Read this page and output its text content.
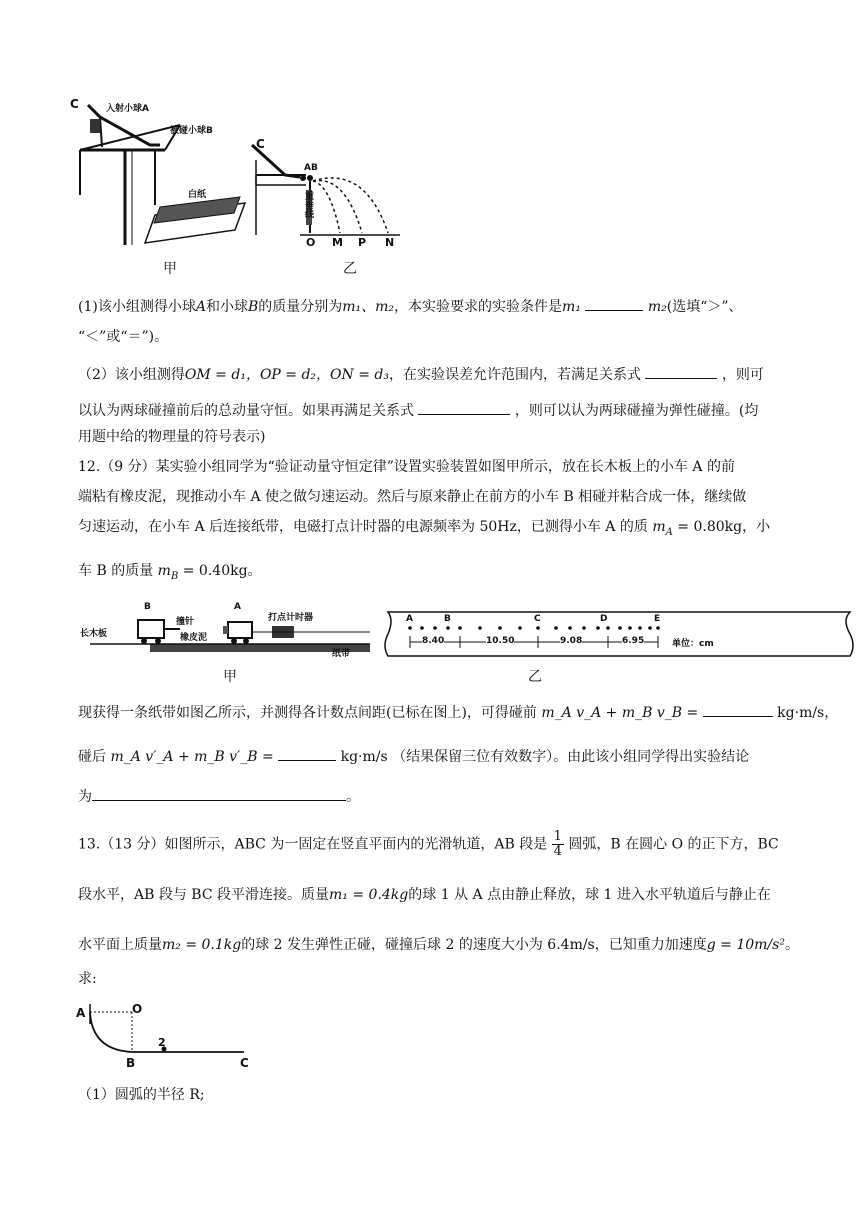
C	入射小球A
被碰小球B
白纸
复写纸
C
AB
重垂线
O M P N
甲	乙
(1)该小组测得小球A和小球B的质量分别为m₁、m₂，本实验要求的实验条件是m₁	m₂(选填“＞”、
“＜”或“＝”)。
（2）该小组测得OM = d₁，OP = d₂，ON = d₃，在实验误差允许范围内，若满足关系式	，则可
以认为两球碰撞前后的总动量守恒。如果再满足关系式	，则可以认为两球碰撞为弹性碰撞。(均
用题中给的物理量的符号表示)
12.（9 分）某实验小组同学为“验证动量守恒定律”设置实验装置如图甲所示，放在长木板上的小车 A 的前
端粘有橡皮泥，现推动小车 A 使之做匀速运动。然后与原来静止在前方的小车 B 相碰并粘合成一体，继续做
匀速运动，在小车 A 后连接纸带，电磁打点计时器的电源频率为 50Hz，已测得小车 A 的质 $m_A = 0.80kg$，小
车 B 的质量 $m_B = 0.40kg$。
B	A
长木板
撞针
橡皮泥
打点计时器
纸带
甲
A	B	C	D	E
8.40	10.50	9.08	6.95	单位：cm
乙
现获得一条纸带如图乙所示，并测得各计数点间距(已标在图上)，可得碰前 m_A v_A + m_B v_B =	kg·m/s，
碰后 m_A v′_A + m_B v′_B =	kg·m/s （结果保留三位有效数字）。由此该小组同学得出实验结论
为	。
13.（13 分）如图所示，ABC 为一固定在竖直平面内的光滑轨道，AB 段是 $\frac{1}{4}$ 圆弧，B 在圆心 O 的正下方，BC
段水平，AB 段与 BC 段平滑连接。质量m₁ = 0.4kg的球 1 从 A 点由静止释放，球 1 进入水平轨道后与静止在
水平面上质量m₂ = 0.1kg的球 2 发生弹性正碰，碰撞后球 2 的速度大小为 6.4m/s，已知重力加速度g = 10m/s²。
求:
A	O
B	C
2
（1）圆弧的半径 R;
